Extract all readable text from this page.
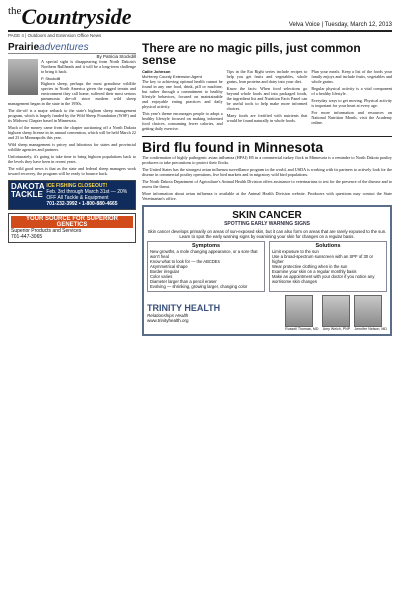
$^{the}$Countryside	Velva Voice | Tuesday, March 12, 2013
PAGE 4 | Outdoors and Extension Office News
Prairieadventures
By Patricia Stockdill

A special sight is disappearing from North Dakota's Northern Bullheads and it will be a long-term challenge to bring it back.

P. Stockdill

Bighorn sheep, perhaps the most grandiose wildlife species in North America given the rugged terrain and environment they call home, suffered their most serious pneumonia die-off since modern wild sheep management began in the state in the 1950s.

The die-off is a major setback to the state's bighorn sheep management program, which is largely funded by the Wild Sheep Foundation (WSF) and its Midwest Chapter based in Minnesota.

Much of the money came from the chapter auctioning off a North Dakota bighorn sheep license in its annual convention, which will be held March 22 and 23 in Minneapolis this year.

Wild sheep management is pricey and laborious for states and provincial wildlife agencies and partners.

Unfortunately, it's going to take time to bring bighorn populations back to the levels they have been in recent years.

The wild good news is that as the state and federal sheep managers work toward recovery, the program will be ready to bounce back.

DAKOTA TACKLE
ICE FISHING CLOSEOUT!
Feb. 3rd through March 31st — 20% OFF All Tackle & Equipment
701-232-3992 • 1-800-880-4665
YOUR SOURCE FOR SUPERIOR GENETICS
Superior Products and Services
701-447-3065
There are no magic pills, just common sense
Callie Johnson
McHenry County Extension Agent

The key to achieving optimal health cannot be found in any one food, drink, pill or machine, but rather through a commitment to healthy lifestyle behaviors, focused on maintainable and enjoyable eating practices and daily physical activity.

This year's theme encourages people to adopt a healthy lifestyle focused on making informed food choices, consuming fewer calories, and getting daily exercise.

Tips in the Eat Right series include recipes to help you get fruits and vegetables, whole grains, lean proteins and dairy into your diet.

Know the facts: When food selections go beyond whole foods and into packaged foods, the ingredient list and Nutrition Facts Panel can be useful tools to help make more informed choices.

Many foods are fortified with nutrients that would be found naturally in whole foods.

Plan your meals. Keep a list of the foods your family enjoys and include fruits, vegetables and whole grains.

Regular physical activity is a vital component of a healthy lifestyle.

Everyday ways to get moving. Physical activity is important for your heart at every age.

For more information and resources on National Nutrition Month, visit the Academy online.

Bird flu found in Minnesota

The confirmation of highly pathogenic avian influenza (HPAI) H5 in a commercial turkey flock in Minnesota is a reminder to North Dakota poultry producers to take precautions to protect their flocks.

The United States has the strongest avian influenza surveillance program in the world, and USDA is working with its partners to actively look for the disease in commercial poultry operations, live bird markets and in migratory wild bird populations.

The North Dakota Department of Agriculture's Animal Health Division offers assistance to veterinarians to test for the presence of the disease and to assess the threat.

More information about avian influenza is available at the Animal Health Division website. Producers with questions may contact the State Veterinarian's office.

SKIN CANCER
SPOTTING EARLY WARNING SIGNS
Skin cancer develops primarily on areas of sun-exposed skin, but it can also form on areas that are rarely exposed to the sun. Learn to spot the early warning signs by examining your skin for changes on a regular basis.
Symptoms
New growths, a mole changing appearance, or a sore that won't heal
Know what to look for — the ABCDEs
Asymmetrical shape
Border irregular
Color varies
Diameter larger than a pencil eraser
Evolving — shrinking, growing larger, changing color
Solutions
Limit exposure to the sun
Use a broad-spectrum sunscreen with an SPF of 30 or higher
Wear protective clothing when in the sun
Examine your skin on a regular monthly basis
Make an appointment with your doctor if you notice any worrisome skin changes
TRINITY HEALTH
Relationships Health
www.trinityhealth.org
Russell Thomas, MD Amy Welch, PNP Jennifer Nelson, MD
